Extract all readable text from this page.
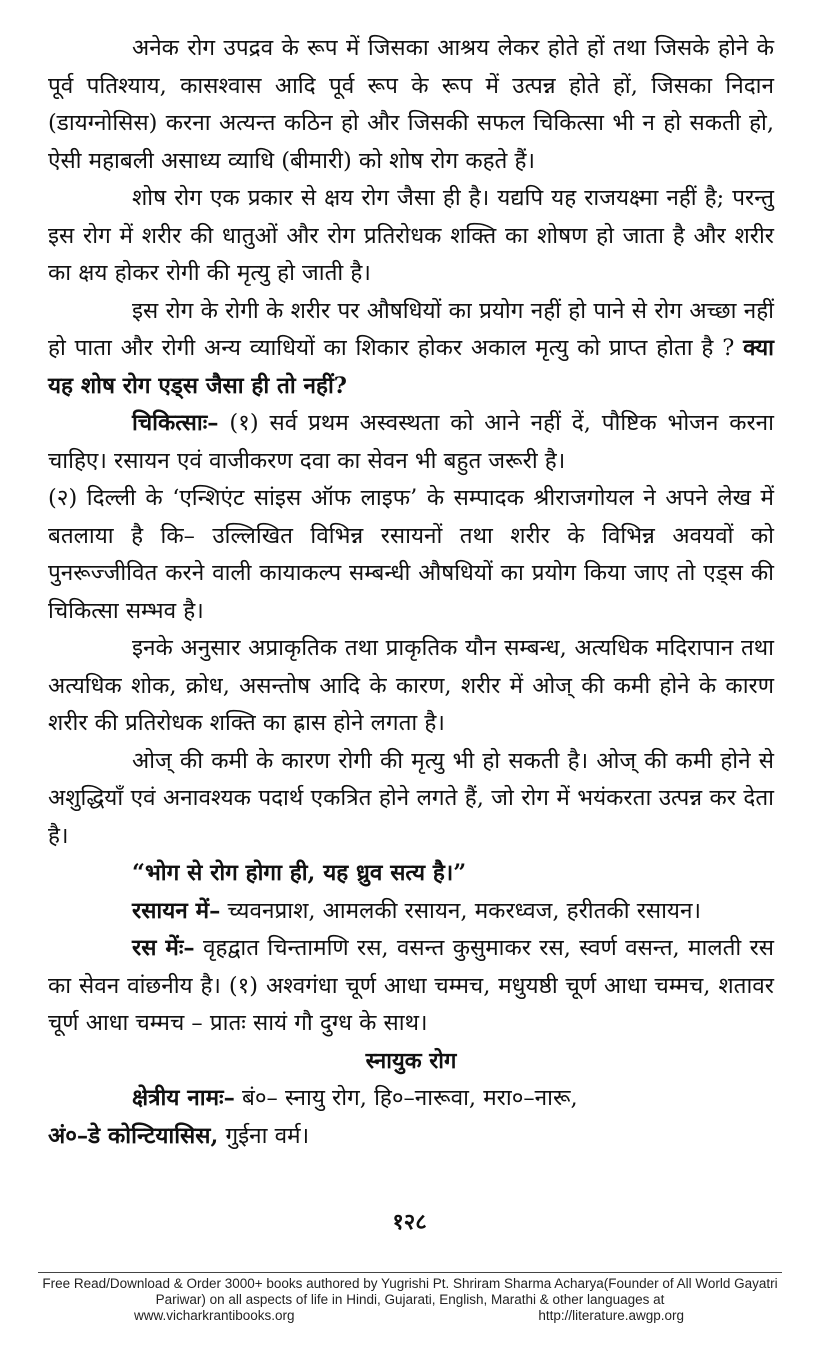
अनेक रोग उपद्रव के रूप में जिसका आश्रय लेकर होते हों तथा जिसके होने के पूर्व पतिश्याय, कासश्वास आदि पूर्व रूप के रूप में उत्पन्न होते हों, जिसका निदान (डायग्नोसिस) करना अत्यन्त कठिन हो और जिसकी सफल चिकित्सा भी न हो सकती हो, ऐसी महाबली असाध्य व्याधि (बीमारी) को शोष रोग कहते हैं।

शोष रोग एक प्रकार से क्षय रोग जैसा ही है। यद्यपि यह राजयक्ष्मा नहीं है; परन्तु इस रोग में शरीर की धातुओं और रोग प्रतिरोधक शक्ति का शोषण हो जाता है और शरीर का क्षय होकर रोगी की मृत्यु हो जाती है।

इस रोग के रोगी के शरीर पर औषधियों का प्रयोग नहीं हो पाने से रोग अच्छा नहीं हो पाता और रोगी अन्य व्याधियों का शिकार होकर अकाल मृत्यु को प्राप्त होता है ? क्या यह शोष रोग एड्स जैसा ही तो नहीं?

चिकित्साः– (१) सर्व प्रथम अस्वस्थता को आने नहीं दें, पौष्टिक भोजन करना चाहिए। रसायन एवं वाजीकरण दवा का सेवन भी बहुत जरूरी है।

(२) दिल्ली के ‘एन्शिएंट सांइस ऑफ लाइफ’ के सम्पादक श्रीराजगोयल ने अपने लेख में बतलाया है कि– उल्लिखित विभिन्न रसायनों तथा शरीर के विभिन्न अवयवों को पुनरूज्जीवित करने वाली कायाकल्प सम्बन्धी औषधियों का प्रयोग किया जाए तो एड्स की चिकित्सा सम्भव है।

इनके अनुसार अप्राकृतिक तथा प्राकृतिक यौन सम्बन्ध, अत्यधिक मदिरापान तथा अत्यधिक शोक, क्रोध, असन्तोष आदि के कारण, शरीर में ओज् की कमी होने के कारण शरीर की प्रतिरोधक शक्ति का ह्रास होने लगता है।

ओज् की कमी के कारण रोगी की मृत्यु भी हो सकती है। ओज् की कमी होने से अशुद्धियाँ एवं अनावश्यक पदार्थ एकत्रित होने लगते हैं, जो रोग में भयंकरता उत्पन्न कर देता है।

“भोग से रोग होगा ही, यह ध्रुव सत्य है।”

रसायन में– च्यवनप्राश, आमलकी रसायन, मकरध्वज, हरीतकी रसायन।

रस मेंः– वृहद्वात चिन्तामणि रस, वसन्त कुसुमाकर रस, स्वर्ण वसन्त, मालती रस का सेवन वांछनीय है। (१) अश्वगंधा चूर्ण आधा चम्मच, मधुयष्ठी चूर्ण आधा चम्मच, शतावर चूर्ण आधा चम्मच – प्रातः सायं गौ दुग्ध के साथ।

स्नायुक रोग

क्षेत्रीय नामः– बं०– स्नायु रोग, हि०–नारूवा, मरा०–नारू,
अं०–डे कोन्टियासिस, गुईना वर्म।

१२८
Free Read/Download & Order 3000+ books authored by Yugrishi Pt. Shriram Sharma Acharya(Founder of All World Gayatri Pariwar) on all aspects of life in Hindi, Gujarati, English, Marathi & other languages at
www.vicharkrantibooks.org	http://literature.awgp.org
